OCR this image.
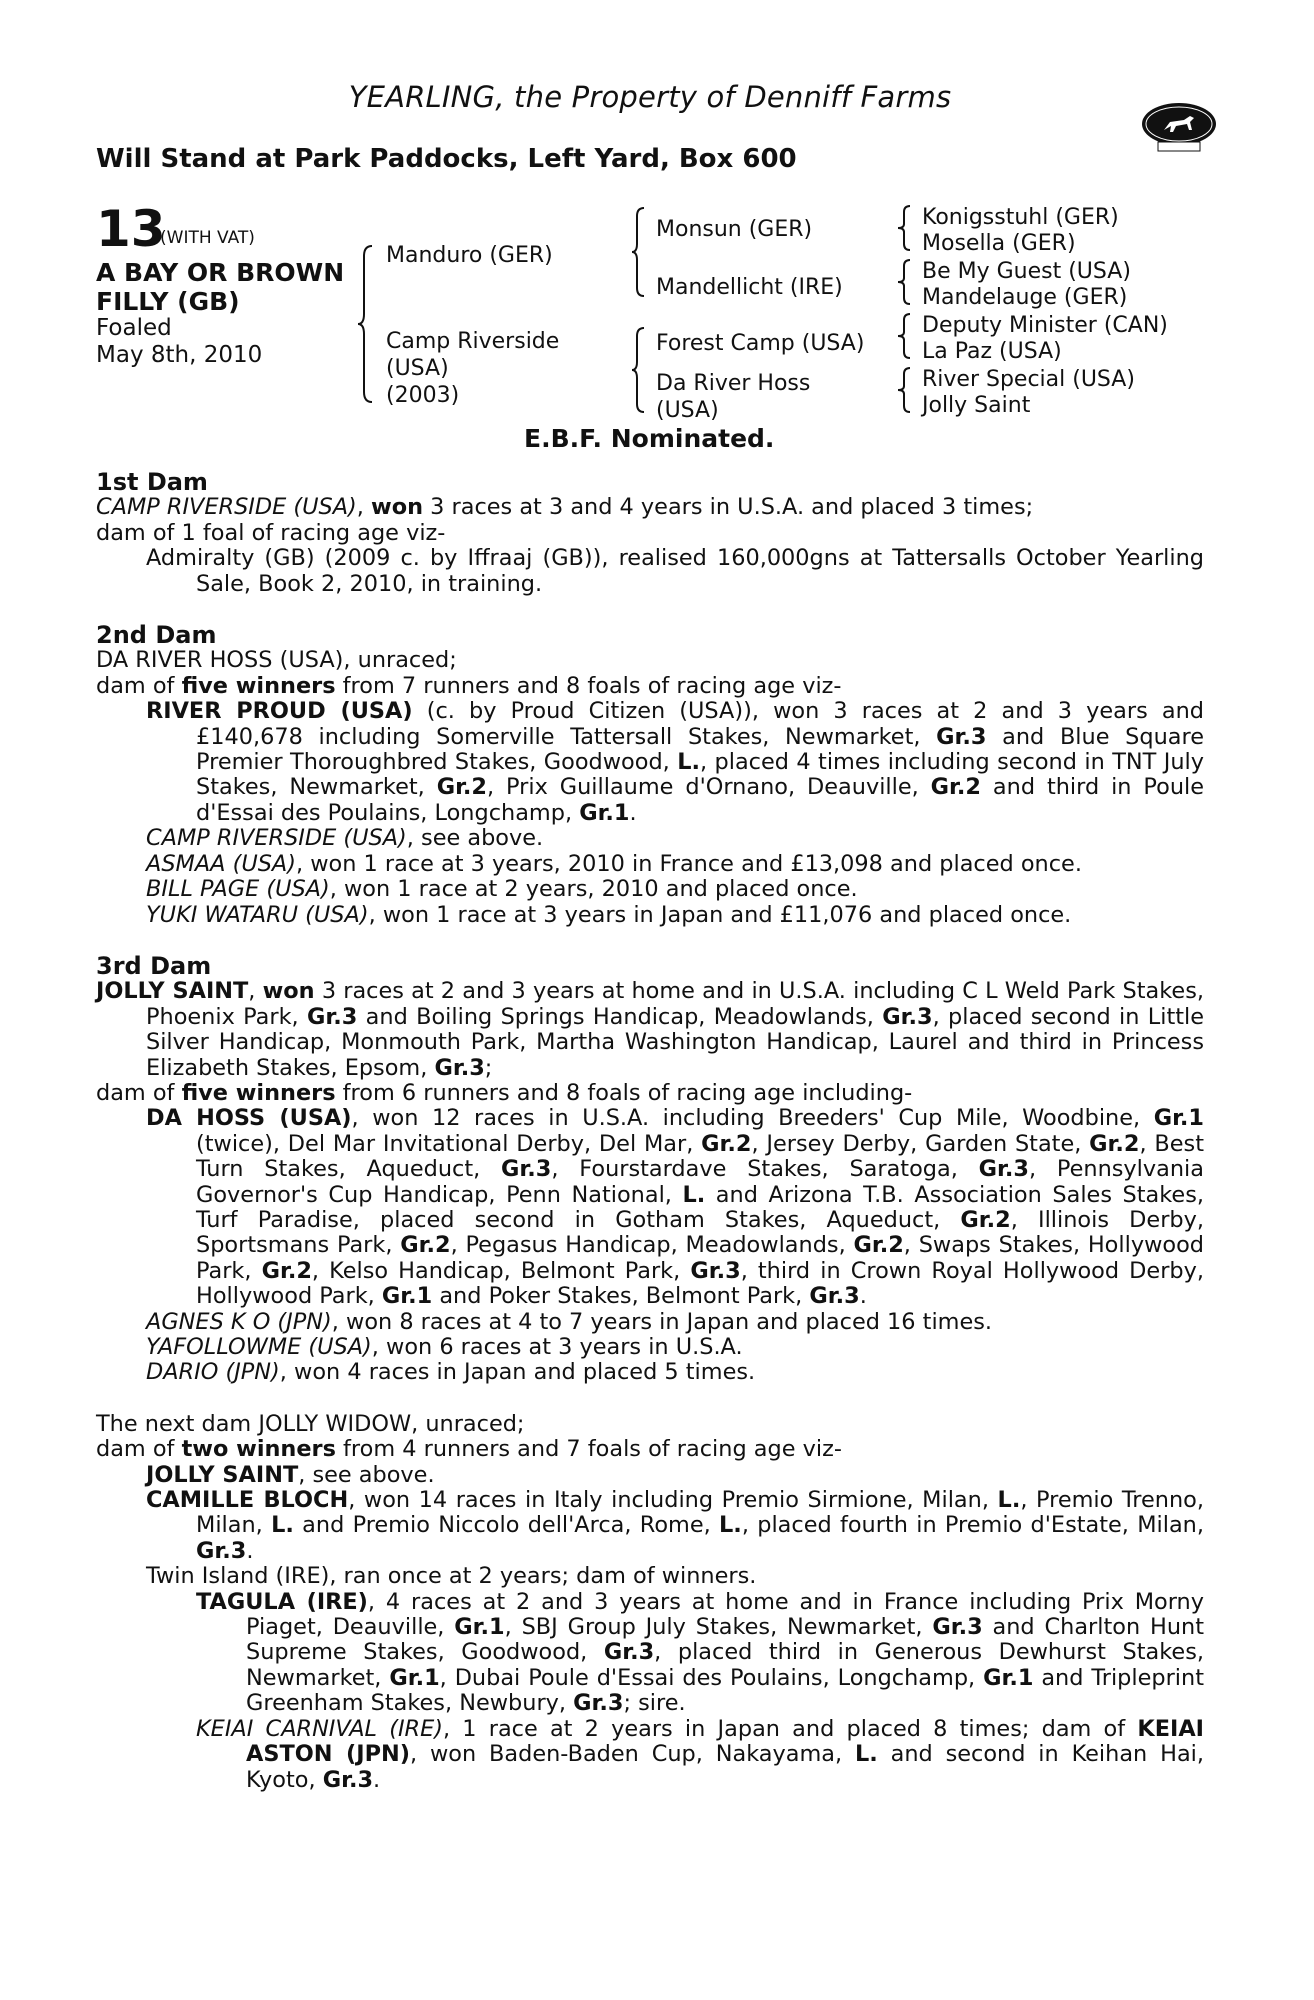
YEARLING, the Property of Denniff Farms
Will Stand at Park Paddocks, Left Yard, Box 600
13
(WITH VAT)
A BAY OR BROWN
FILLY (GB)
Foaled
May 8th, 2010
Manduro (GER)
Camp Riverside
(USA)
(2003)
Monsun (GER)
Mandellicht (IRE)
Forest Camp (USA)
Da River Hoss
(USA)
Konigsstuhl (GER)
Mosella (GER)
Be My Guest (USA)
Mandelauge (GER)
Deputy Minister (CAN)
La Paz (USA)
River Special (USA)
Jolly Saint
E.B.F. Nominated.

1st Dam

CAMP RIVERSIDE (USA), won 3 races at 3 and 4 years in U.S.A. and placed 3 times;

dam of 1 foal of racing age viz-

Admiralty (GB) (2009 c. by Iffraaj (GB)), realised 160,000gns at Tattersalls October Yearling Sale, Book 2, 2010, in training.

2nd Dam

DA RIVER HOSS (USA), unraced;

dam of five winners from 7 runners and 8 foals of racing age viz-

RIVER PROUD (USA) (c. by Proud Citizen (USA)), won 3 races at 2 and 3 years and £140,678 including Somerville Tattersall Stakes, Newmarket, Gr.3 and Blue Square Premier Thoroughbred Stakes, Goodwood, L., placed 4 times including second in TNT July Stakes, Newmarket, Gr.2, Prix Guillaume d'Ornano, Deauville, Gr.2 and third in Poule d'Essai des Poulains, Longchamp, Gr.1.

CAMP RIVERSIDE (USA), see above.

ASMAA (USA), won 1 race at 3 years, 2010 in France and £13,098 and placed once.

BILL PAGE (USA), won 1 race at 2 years, 2010 and placed once.

YUKI WATARU (USA), won 1 race at 3 years in Japan and £11,076 and placed once.

3rd Dam

JOLLY SAINT, won 3 races at 2 and 3 years at home and in U.S.A. including C L Weld Park Stakes, Phoenix Park, Gr.3 and Boiling Springs Handicap, Meadowlands, Gr.3, placed second in Little Silver Handicap, Monmouth Park, Martha Washington Handicap, Laurel and third in Princess Elizabeth Stakes, Epsom, Gr.3;

dam of five winners from 6 runners and 8 foals of racing age including-

DA HOSS (USA), won 12 races in U.S.A. including Breeders' Cup Mile, Woodbine, Gr.1 (twice), Del Mar Invitational Derby, Del Mar, Gr.2, Jersey Derby, Garden State, Gr.2, Best Turn Stakes, Aqueduct, Gr.3, Fourstardave Stakes, Saratoga, Gr.3, Pennsylvania Governor's Cup Handicap, Penn National, L. and Arizona T.B. Association Sales Stakes, Turf Paradise, placed second in Gotham Stakes, Aqueduct, Gr.2, Illinois Derby, Sportsmans Park, Gr.2, Pegasus Handicap, Meadowlands, Gr.2, Swaps Stakes, Hollywood Park, Gr.2, Kelso Handicap, Belmont Park, Gr.3, third in Crown Royal Hollywood Derby, Hollywood Park, Gr.1 and Poker Stakes, Belmont Park, Gr.3.

AGNES K O (JPN), won 8 races at 4 to 7 years in Japan and placed 16 times.

YAFOLLOWME (USA), won 6 races at 3 years in U.S.A.

DARIO (JPN), won 4 races in Japan and placed 5 times.

The next dam JOLLY WIDOW, unraced;

dam of two winners from 4 runners and 7 foals of racing age viz-

JOLLY SAINT, see above.

CAMILLE BLOCH, won 14 races in Italy including Premio Sirmione, Milan, L., Premio Trenno, Milan, L. and Premio Niccolo dell'Arca, Rome, L., placed fourth in Premio d'Estate, Milan, Gr.3.

Twin Island (IRE), ran once at 2 years; dam of winners.

TAGULA (IRE), 4 races at 2 and 3 years at home and in France including Prix Morny Piaget, Deauville, Gr.1, SBJ Group July Stakes, Newmarket, Gr.3 and Charlton Hunt Supreme Stakes, Goodwood, Gr.3, placed third in Generous Dewhurst Stakes, Newmarket, Gr.1, Dubai Poule d'Essai des Poulains, Longchamp, Gr.1 and Tripleprint Greenham Stakes, Newbury, Gr.3; sire.

KEIAI CARNIVAL (IRE), 1 race at 2 years in Japan and placed 8 times; dam of KEIAI ASTON (JPN), won Baden-Baden Cup, Nakayama, L. and second in Keihan Hai, Kyoto, Gr.3.
